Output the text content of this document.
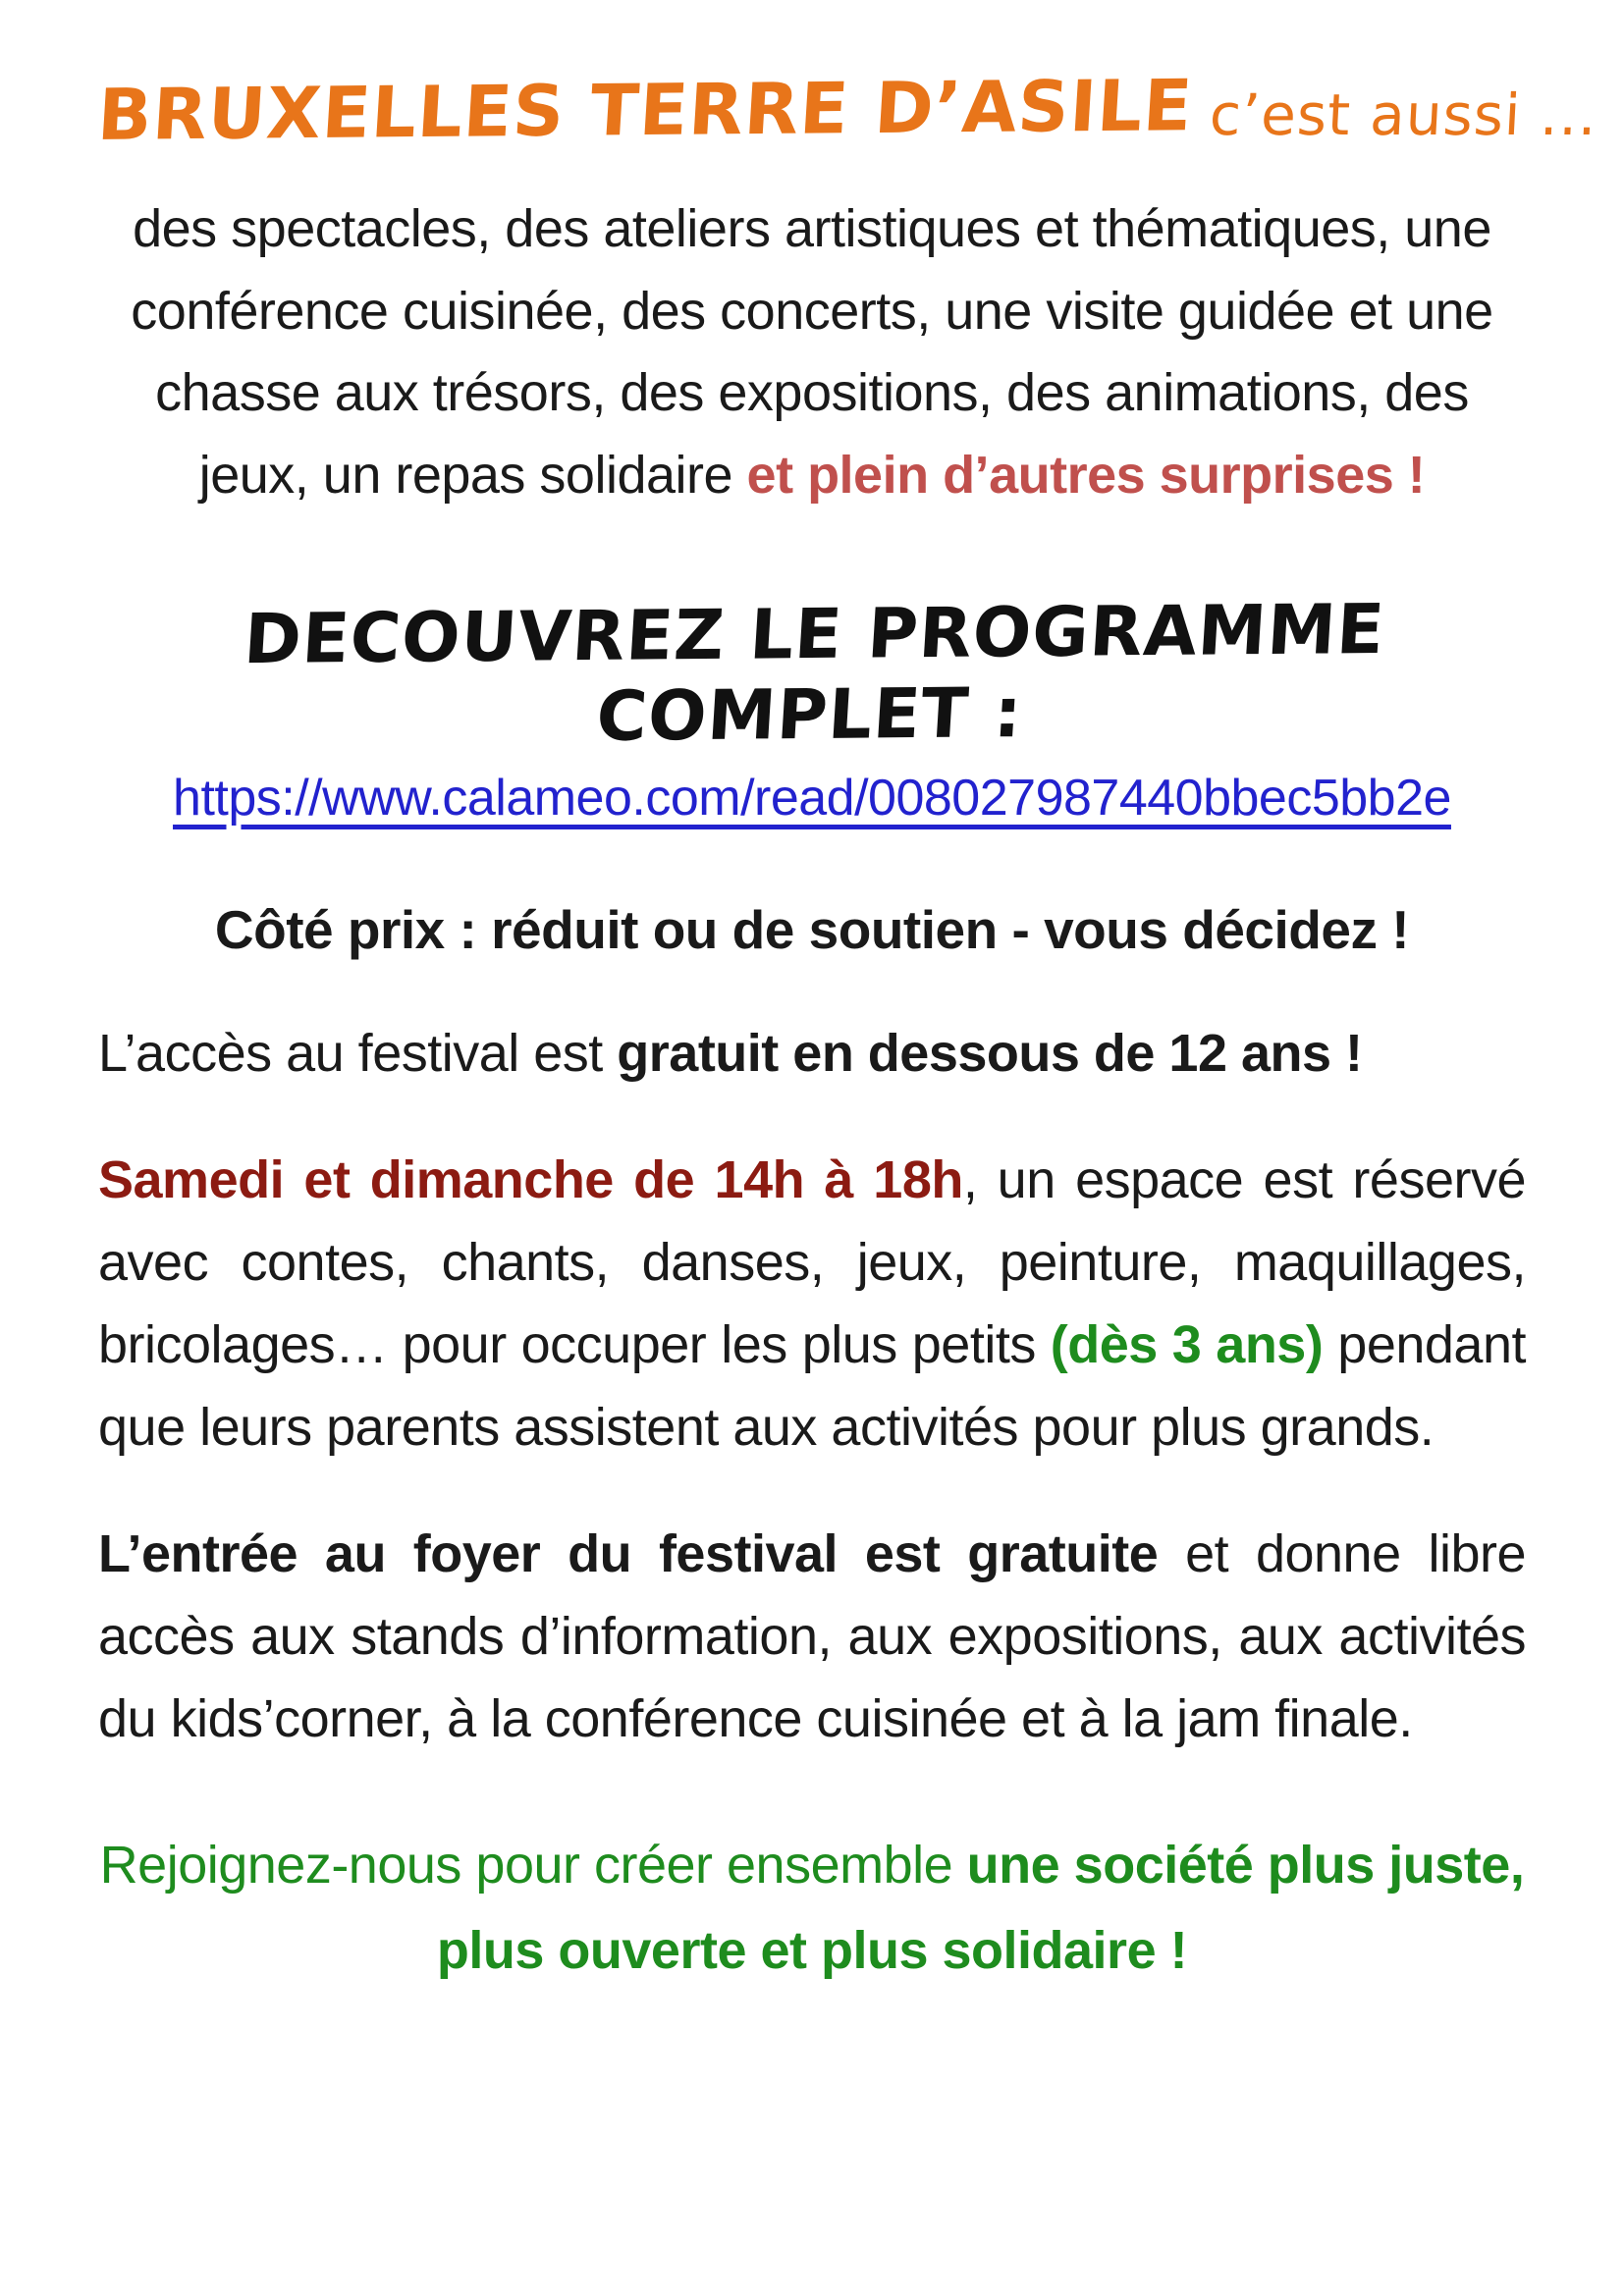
BRUXELLES TERRE D’ASILE c’est aussi ...

des spectacles, des ateliers artistiques et thématiques, une conférence cuisinée, des concerts, une visite guidée et une chasse aux trésors, des expositions, des animations, des jeux, un repas solidaire et plein d’autres surprises !

DECOUVREZ LE PROGRAMME COMPLET :
https://www.calameo.com/read/008027987440bbec5bb2e

Côté prix : réduit ou de soutien - vous décidez !

L’accès au festival est gratuit en dessous de 12 ans !

Samedi et dimanche de 14h à 18h, un espace est réservé avec contes, chants, danses, jeux, peinture, maquillages, bricolages… pour occuper les plus petits (dès 3 ans) pendant que leurs parents assistent aux activités pour plus grands.

L’entrée au foyer du festival est gratuite et donne libre accès aux stands d’information, aux expositions, aux activités du kids’corner, à la conférence cuisinée et à la jam finale.

Rejoignez-nous pour créer ensemble une société plus juste, plus ouverte et plus solidaire !
